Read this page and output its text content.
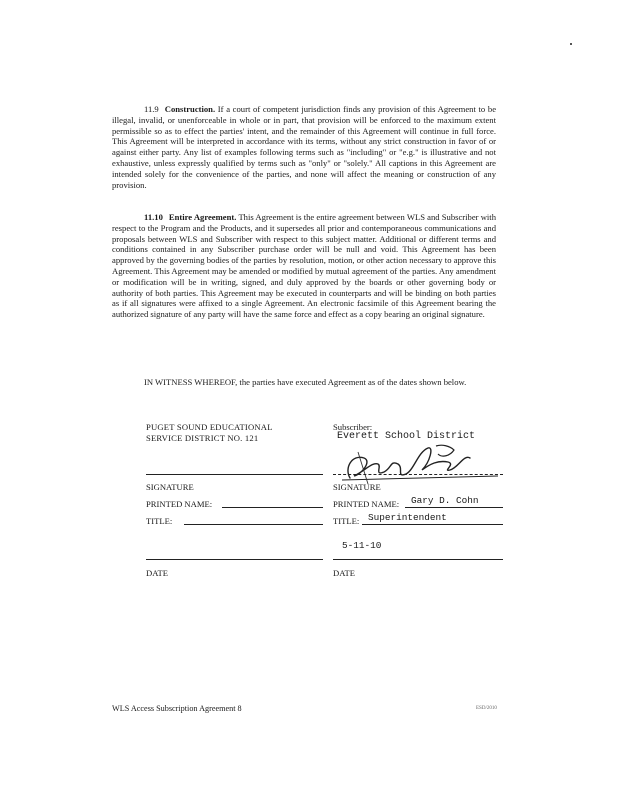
11.9 Construction. If a court of competent jurisdiction finds any provision of this Agreement to be illegal, invalid, or unenforceable in whole or in part, that provision will be enforced to the maximum extent permissible so as to effect the parties' intent, and the remainder of this Agreement will continue in full force. This Agreement will be interpreted in accordance with its terms, without any strict construction in favor of or against either party. Any list of examples following terms such as "including" or "e.g." is illustrative and not exhaustive, unless expressly qualified by terms such as "only" or "solely." All captions in this Agreement are intended solely for the convenience of the parties, and none will affect the meaning or construction of any provision.

11.10 Entire Agreement. This Agreement is the entire agreement between WLS and Subscriber with respect to the Program and the Products, and it supersedes all prior and contemporaneous communications and proposals between WLS and Subscriber with respect to this subject matter. Additional or different terms and conditions contained in any Subscriber purchase order will be null and void. This Agreement has been approved by the governing bodies of the parties by resolution, motion, or other action necessary to approve this Agreement. This Agreement may be amended or modified by mutual agreement of the parties. Any amendment or modification will be in writing, signed, and duly approved by the boards or other governing body or authority of both parties. This Agreement may be executed in counterparts and will be binding on both parties as if all signatures were affixed to a single Agreement. An electronic facsimile of this Agreement bearing the authorized signature of any party will have the same force and effect as a copy bearing an original signature.

IN WITNESS WHEREOF, the parties have executed Agreement as of the dates shown below.

PUGET SOUND EDUCATIONAL
SERVICE DISTRICT NO. 121
SIGNATURE
PRINTED NAME:
TITLE:
DATE
Subscriber:
Everett School District
SIGNATURE
PRINTED NAME: Gary D. Cohn
TITLE: Superintendent
5-11-10
DATE
WLS Access Subscription Agreement 8	ESD/2010
